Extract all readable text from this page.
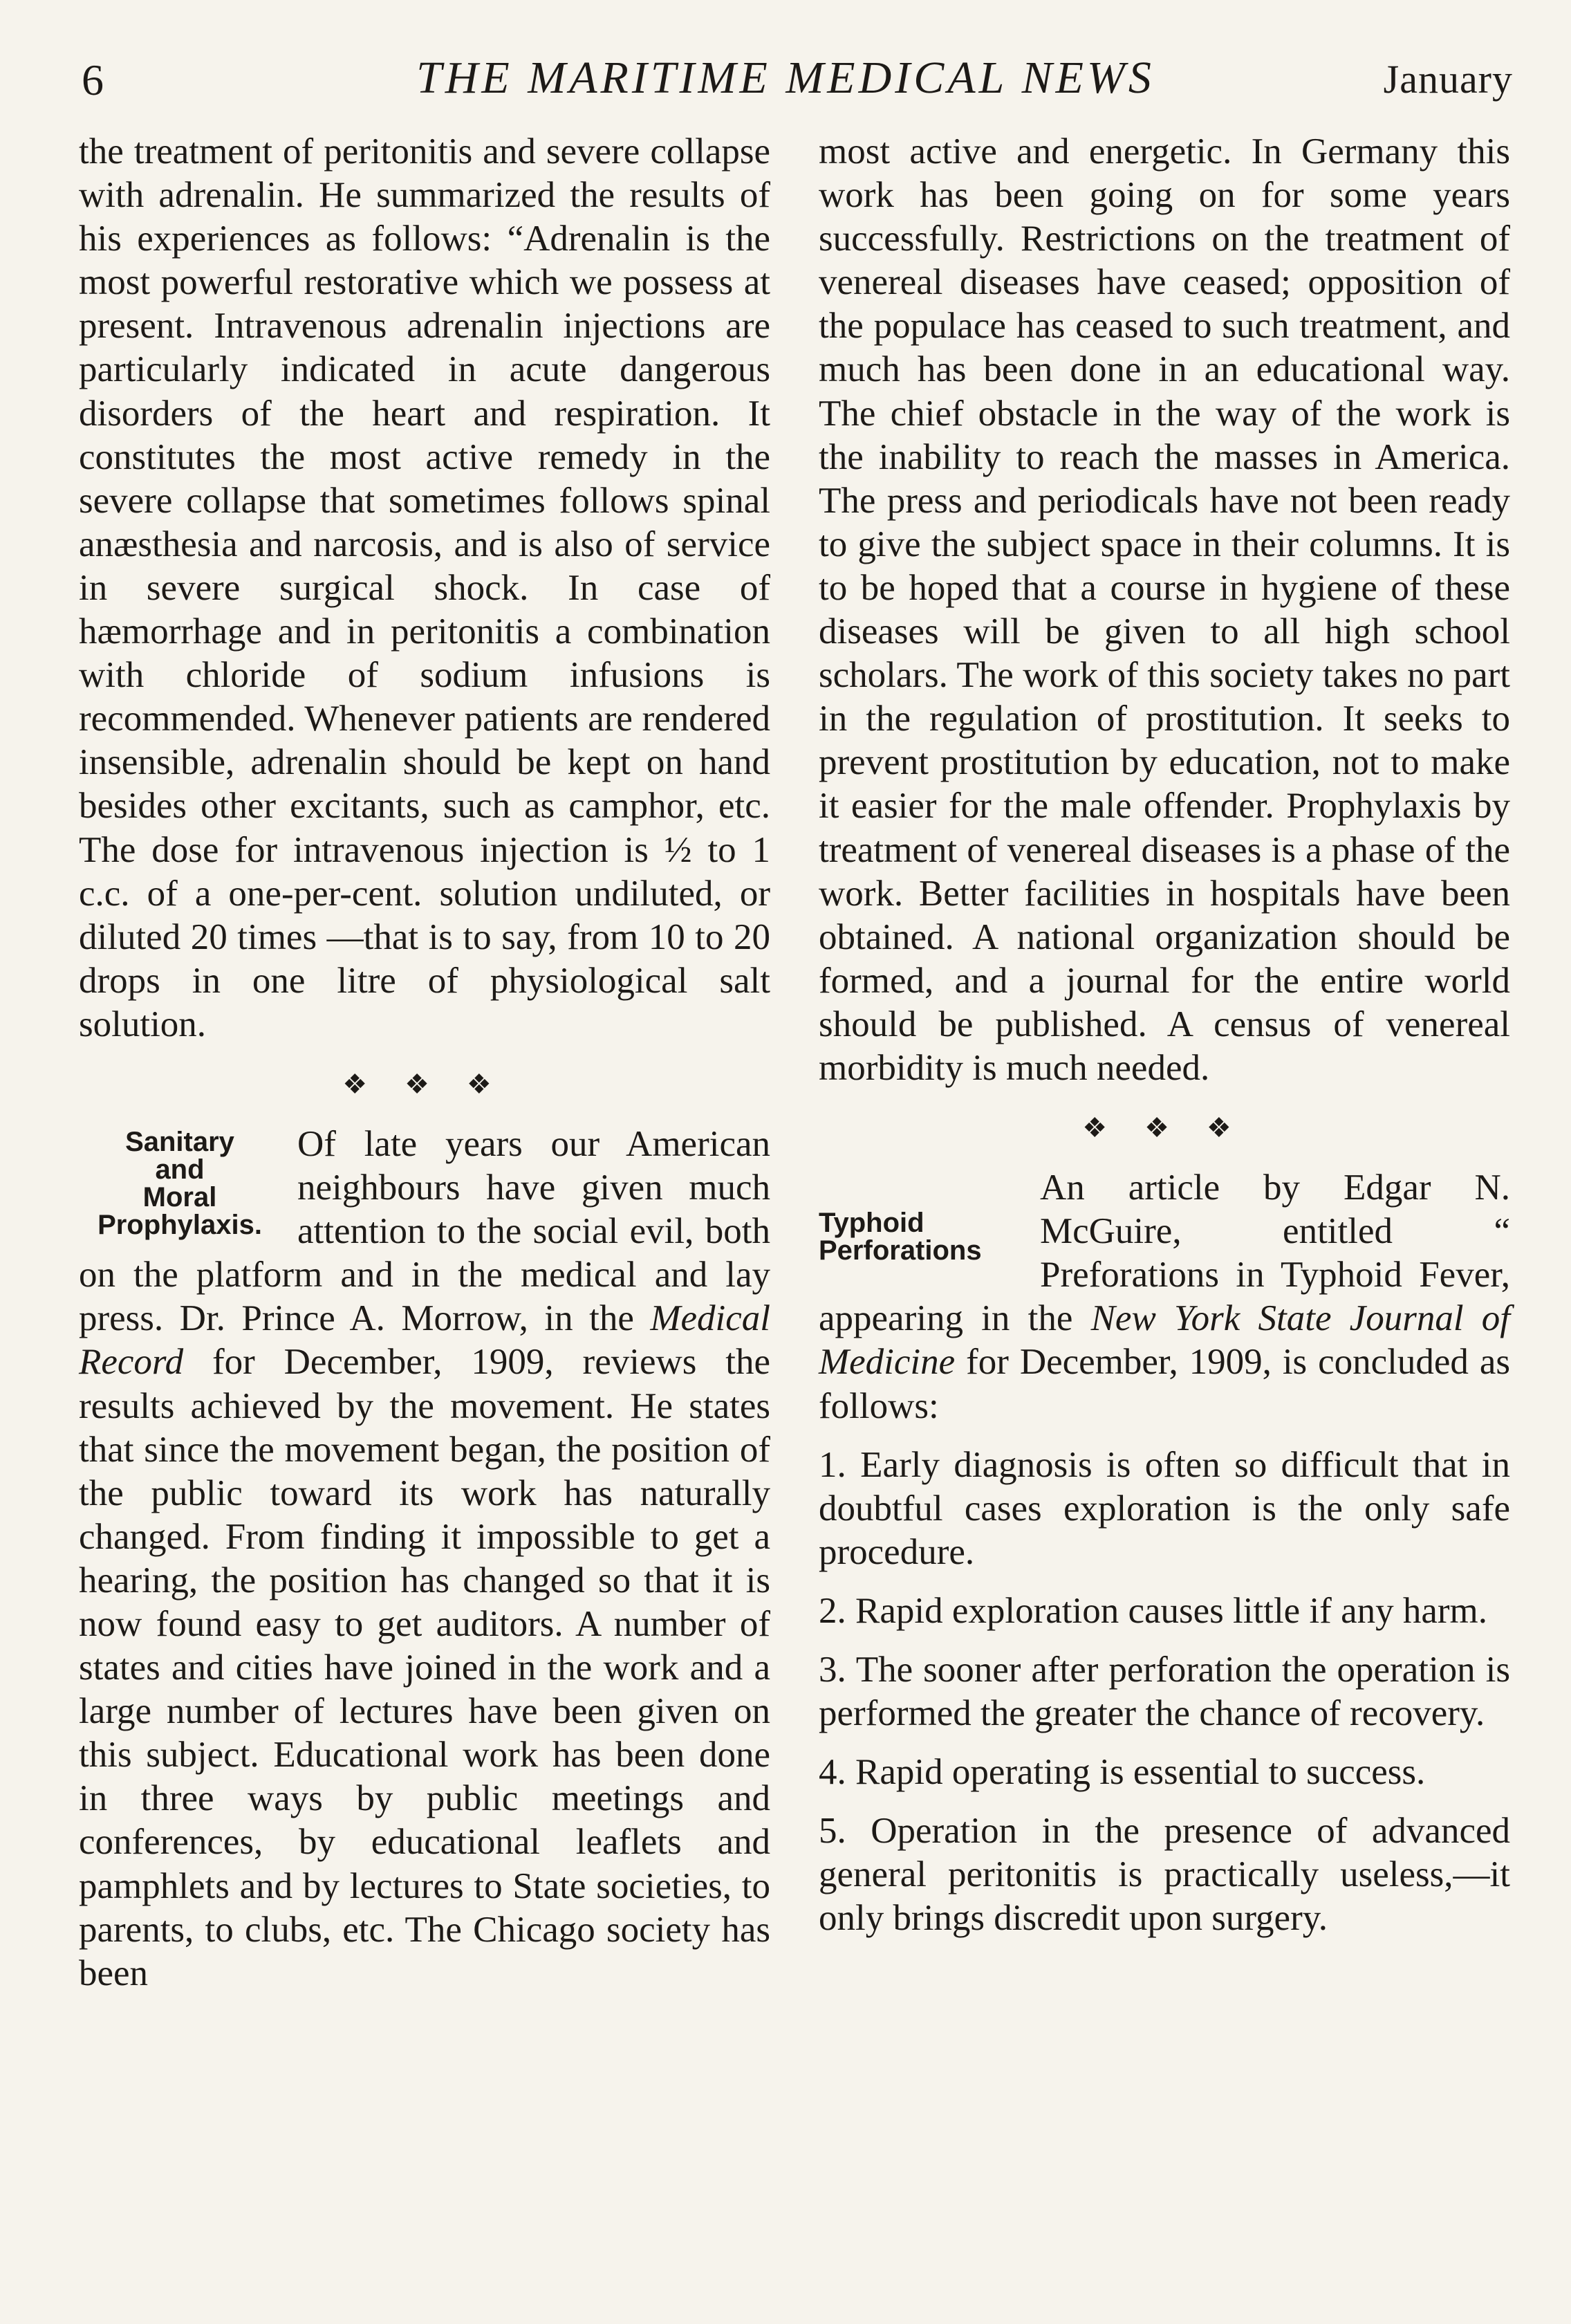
6	THE MARITIME MEDICAL NEWS	January

the treatment of peritonitis and severe collapse with adrenalin. He summarized the results of his experiences as follows: “Adrenalin is the most powerful restorative which we possess at present. Intravenous adrenalin injections are particularly indicated in acute dangerous disorders of the heart and respiration. It constitutes the most active remedy in the severe collapse that sometimes follows spinal anæsthesia and narcosis, and is also of service in severe surgical shock. In case of hæmorrhage and in peritonitis a combination with chloride of sodium infusions is recommended. Whenever patients are rendered insensible, adrenalin should be kept on hand besides other excitants, such as camphor, etc. The dose for intravenous injection is ½ to 1 c.c. of a one-per-cent. solution undiluted, or diluted 20 times —that is to say, from 10 to 20 drops in one litre of physiological salt solution.

❖ ❖ ❖
Sanitary
and
Moral
Prophylaxis.

Of late years our American neighbours have given much attention to the social evil, both on the platform and in the medical and lay press. Dr. Prince A. Morrow, in the Medical Record for December, 1909, reviews the results achieved by the movement. He states that since the movement began, the position of the public toward its work has naturally changed. From finding it impossible to get a hearing, the position has changed so that it is now found easy to get auditors. A number of states and cities have joined in the work and a large number of lectures have been given on this subject. Educational work has been done in three ways by public meetings and conferences, by educational leaflets and pamphlets and by lectures to State societies, to parents, to clubs, etc. The Chicago society has been

most active and energetic. In Germany this work has been going on for some years successfully. Restrictions on the treatment of venereal diseases have ceased; opposition of the populace has ceased to such treatment, and much has been done in an educational way. The chief obstacle in the way of the work is the inability to reach the masses in America. The press and periodicals have not been ready to give the subject space in their columns. It is to be hoped that a course in hygiene of these diseases will be given to all high school scholars. The work of this society takes no part in the regulation of prostitution. It seeks to prevent prostitution by education, not to make it easier for the male offender. Prophylaxis by treatment of venereal diseases is a phase of the work. Better facilities in hospitals have been obtained. A national organization should be formed, and a journal for the entire world should be published. A census of venereal morbidity is much needed.

❖ ❖ ❖
Typhoid
Perforations

An article by Edgar N. McGuire, entitled “ Preforations in Typhoid Fever, appearing in the New York State Journal of Medicine for December, 1909, is concluded as follows:

1. Early diagnosis is often so difficult that in doubtful cases exploration is the only safe procedure.

2. Rapid exploration causes little if any harm.

3. The sooner after perforation the operation is performed the greater the chance of recovery.

4. Rapid operating is essential to success.

5. Operation in the presence of advanced general peritonitis is practically useless,—it only brings discredit upon surgery.
